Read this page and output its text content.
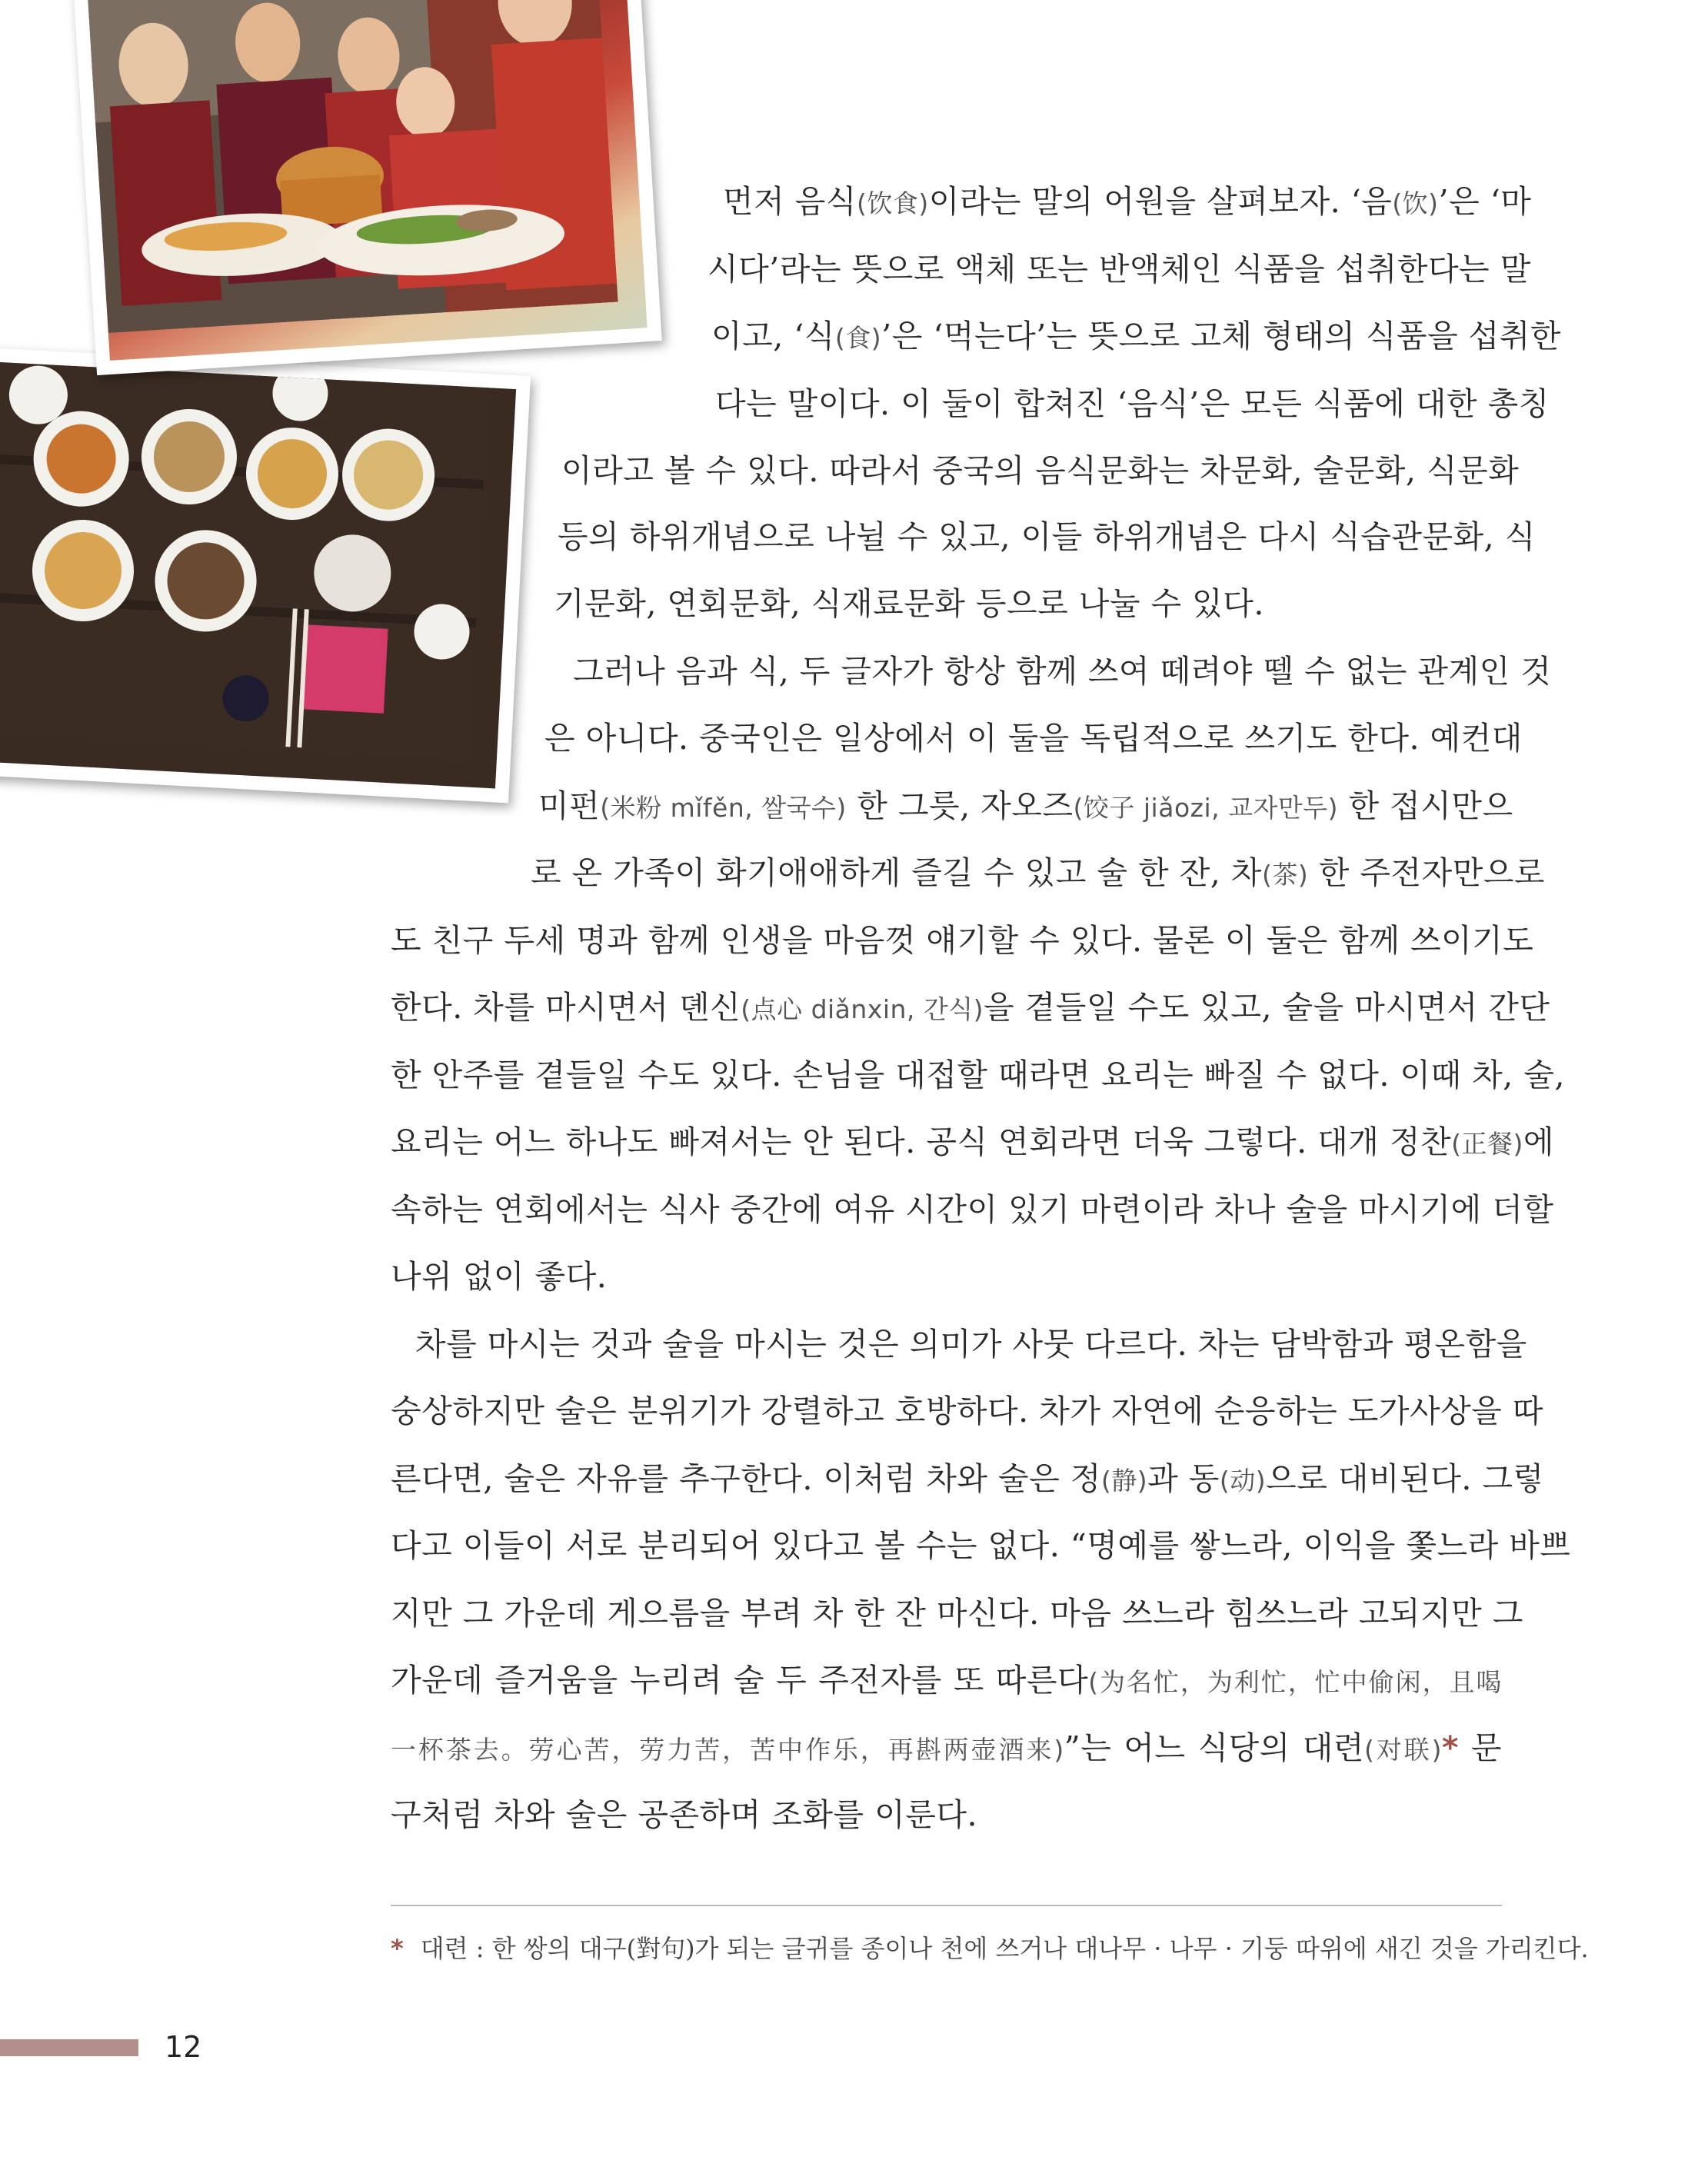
먼저 음식(饮食)이라는 말의 어원을 살펴보자. ‘음(饮)’은 ‘마
시다’라는 뜻으로 액체 또는 반액체인 식품을 섭취한다는 말
이고, ‘식(食)’은 ‘먹는다’는 뜻으로 고체 형태의 식품을 섭취한
다는 말이다. 이 둘이 합쳐진 ‘음식’은 모든 식품에 대한 총칭
이라고 볼 수 있다. 따라서 중국의 음식문화는 차문화, 술문화, 식문화
등의 하위개념으로 나뉠 수 있고, 이들 하위개념은 다시 식습관문화, 식
기문화, 연회문화, 식재료문화 등으로 나눌 수 있다.
그러나 음과 식, 두 글자가 항상 함께 쓰여 떼려야 뗄 수 없는 관계인 것
은 아니다. 중국인은 일상에서 이 둘을 독립적으로 쓰기도 한다. 예컨대
미펀(米粉 mǐfěn, 쌀국수) 한 그릇, 자오즈(饺子 jiǎozi, 교자만두) 한 접시만으
로 온 가족이 화기애애하게 즐길 수 있고 술 한 잔, 차(茶) 한 주전자만으로
도 친구 두세 명과 함께 인생을 마음껏 얘기할 수 있다. 물론 이 둘은 함께 쓰이기도
한다. 차를 마시면서 뎬신(点心 diǎnxin, 간식)을 곁들일 수도 있고, 술을 마시면서 간단
한 안주를 곁들일 수도 있다. 손님을 대접할 때라면 요리는 빠질 수 없다. 이때 차, 술,
요리는 어느 하나도 빠져서는 안 된다. 공식 연회라면 더욱 그렇다. 대개 정찬(正餐)에
속하는 연회에서는 식사 중간에 여유 시간이 있기 마련이라 차나 술을 마시기에 더할
나위 없이 좋다.
차를 마시는 것과 술을 마시는 것은 의미가 사뭇 다르다. 차는 담박함과 평온함을
숭상하지만 술은 분위기가 강렬하고 호방하다. 차가 자연에 순응하는 도가사상을 따
른다면, 술은 자유를 추구한다. 이처럼 차와 술은 정(静)과 동(动)으로 대비된다. 그렇
다고 이들이 서로 분리되어 있다고 볼 수는 없다. “명예를 쌓느라, 이익을 쫓느라 바쁘
지만 그 가운데 게으름을 부려 차 한 잔 마신다. 마음 쓰느라 힘쓰느라 고되지만 그
가운데 즐거움을 누리려 술 두 주전자를 또 따른다(为名忙，为利忙，忙中偷闲，且喝
一杯茶去。劳心苦，劳力苦，苦中作乐，再斟两壶酒来)”는 어느 식당의 대련(对联)* 문
구처럼 차와 술은 공존하며 조화를 이룬다.
* 대련 : 한 쌍의 대구(對句)가 되는 글귀를 종이나 천에 쓰거나 대나무 · 나무 · 기둥 따위에 새긴 것을 가리킨다.
12
